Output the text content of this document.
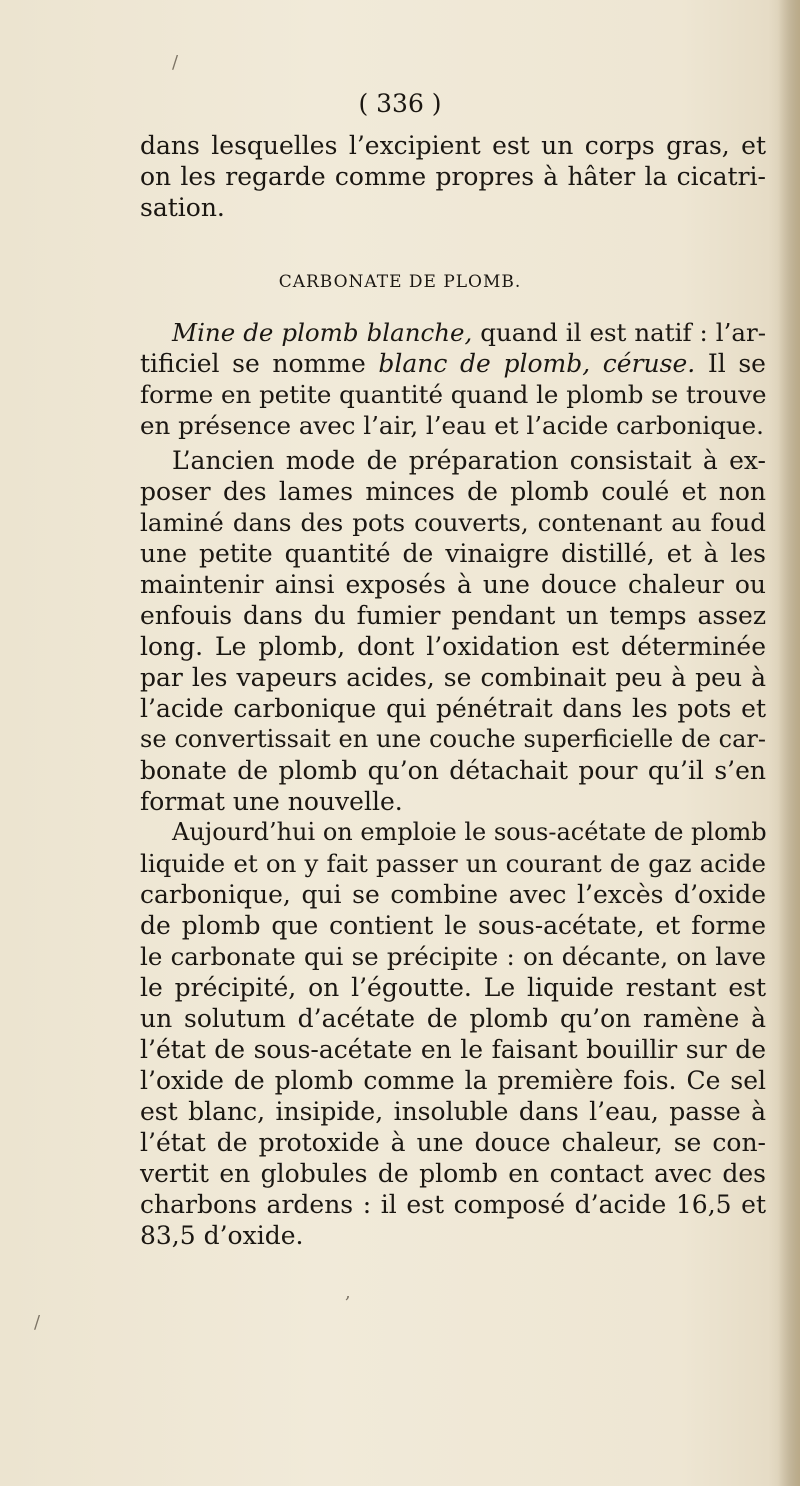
/
/
,
( 336 )
dans lesquelles l’excipient est un corps gras, et
on les regarde comme propres à hâter la cicatri-
sation.
CARBONATE DE PLOMB.
Mine de plomb blanche, quand il est natif : l’ar-
tificiel se nomme blanc de plomb, céruse. Il se
forme en petite quantité quand le plomb se trouve
en présence avec l’air, l’eau et l’acide carbonique.
L’ancien mode de préparation consistait à ex-
poser des lames minces de plomb coulé et non
laminé dans des pots couverts, contenant au foud
une petite quantité de vinaigre distillé, et à les
maintenir ainsi exposés à une douce chaleur ou
enfouis dans du fumier pendant un temps assez
long. Le plomb, dont l’oxidation est déterminée
par les vapeurs acides, se combinait peu à peu à
l’acide carbonique qui pénétrait dans les pots et
se convertissait en une couche superficielle de car-
bonate de plomb qu’on détachait pour qu’il s’en
format une nouvelle.
Aujourd’hui on emploie le sous-acétate de plomb
liquide et on y fait passer un courant de gaz acide
carbonique, qui se combine avec l’excès d’oxide
de plomb que contient le sous-acétate, et forme
le carbonate qui se précipite : on décante, on lave
le précipité, on l’égoutte. Le liquide restant est
un solutum d’acétate de plomb qu’on ramène à
l’état de sous-acétate en le faisant bouillir sur de
l’oxide de plomb comme la première fois. Ce sel
est blanc, insipide, insoluble dans l’eau, passe à
l’état de protoxide à une douce chaleur, se con-
vertit en globules de plomb en contact avec des
charbons ardens : il est composé d’acide 16,5 et
83,5 d’oxide.
